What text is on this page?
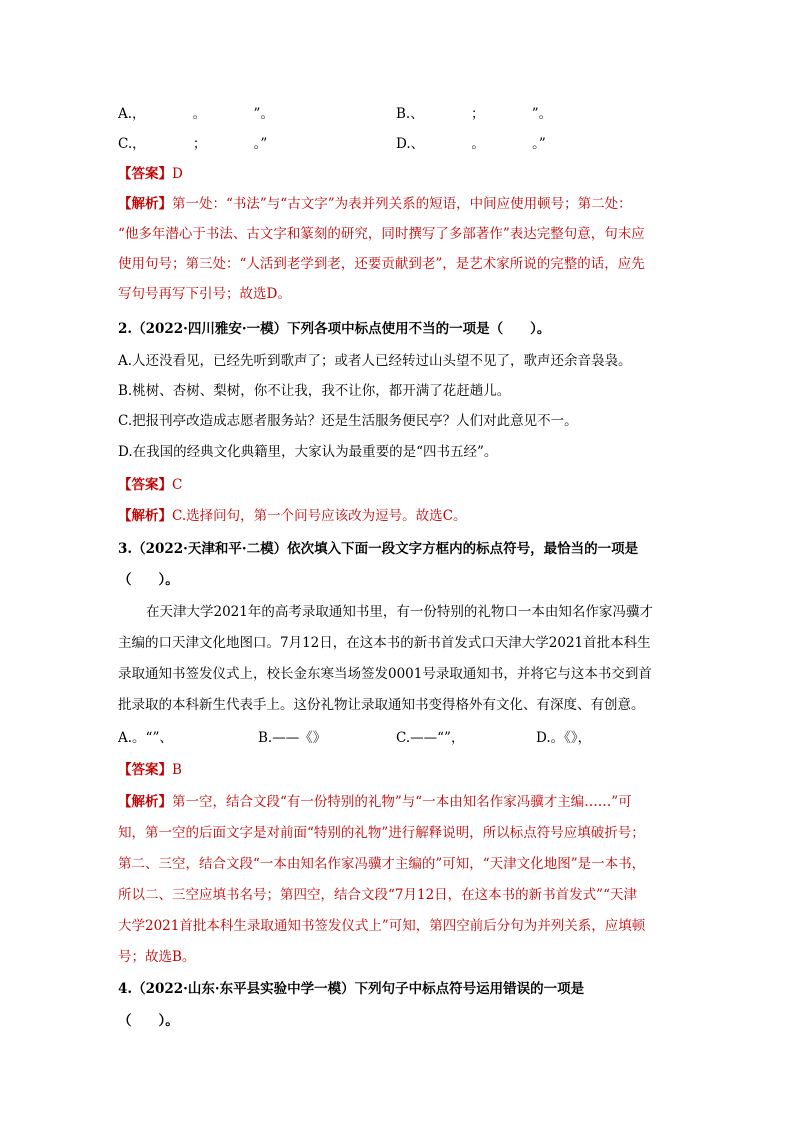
A.，　　　　。　　　　”。	B.、　　　　；　　　　”。
C.，　　　　；　　　　。”	D.、　　　　。　　　　。”
【答案】D
【解析】第一处：“书法”与“古文字”为表并列关系的短语，中间应使用顿号；第二处：
“他多年潜心于书法、古文字和篆刻的研究，同时撰写了多部著作”表达完整句意，句末应
使用句号；第三处：“人活到老学到老，还要贡献到老”，是艺术家所说的完整的话，应先
写句号再写下引号；故选D。
2.（2022·四川雅安·一模）下列各项中标点使用不当的一项是（　　）。
A.人还没看见，已经先听到歌声了；或者人已经转过山头望不见了，歌声还余音袅袅。
B.桃树、杏树、梨树，你不让我，我不让你，都开满了花赶趟儿。
C.把报刊亭改造成志愿者服务站？还是生活服务便民亭？人们对此意见不一。
D.在我国的经典文化典籍里，大家认为最重要的是“四书五经”。
【答案】C
【解析】C.选择问句，第一个问号应该改为逗号。故选C。
3.（2022·天津和平·二模）依次填入下面一段文字方框内的标点符号，最恰当的一项是
（　　）。
在天津大学2021年的高考录取通知书里，有一份特别的礼物口一本由知名作家冯骥才
主编的口天津文化地图口。7月12日，在这本书的新书首发式口天津大学2021首批本科生
录取通知书签发仪式上，校长金东寒当场签发0001号录取通知书，并将它与这本书交到首
批录取的本科新生代表手上。这份礼物让录取通知书变得格外有文化、有深度、有创意。
A.。“”、	B.——《》	C.——“”，	D.。《》，
【答案】B
【解析】第一空，结合文段“有一份特别的礼物”与“一本由知名作家冯骥才主编……”可
知，第一空的后面文字是对前面“特别的礼物”进行解释说明，所以标点符号应填破折号；
第二、三空，结合文段“一本由知名作家冯骥才主编的”可知，“天津文化地图”是一本书，
所以二、三空应填书名号；第四空，结合文段“7月12日，在这本书的新书首发式”“天津
大学2021首批本科生录取通知书签发仪式上”可知，第四空前后分句为并列关系，应填顿
号；故选B。
4.（2022·山东·东平县实验中学一模）下列句子中标点符号运用错误的一项是
（　　）。
